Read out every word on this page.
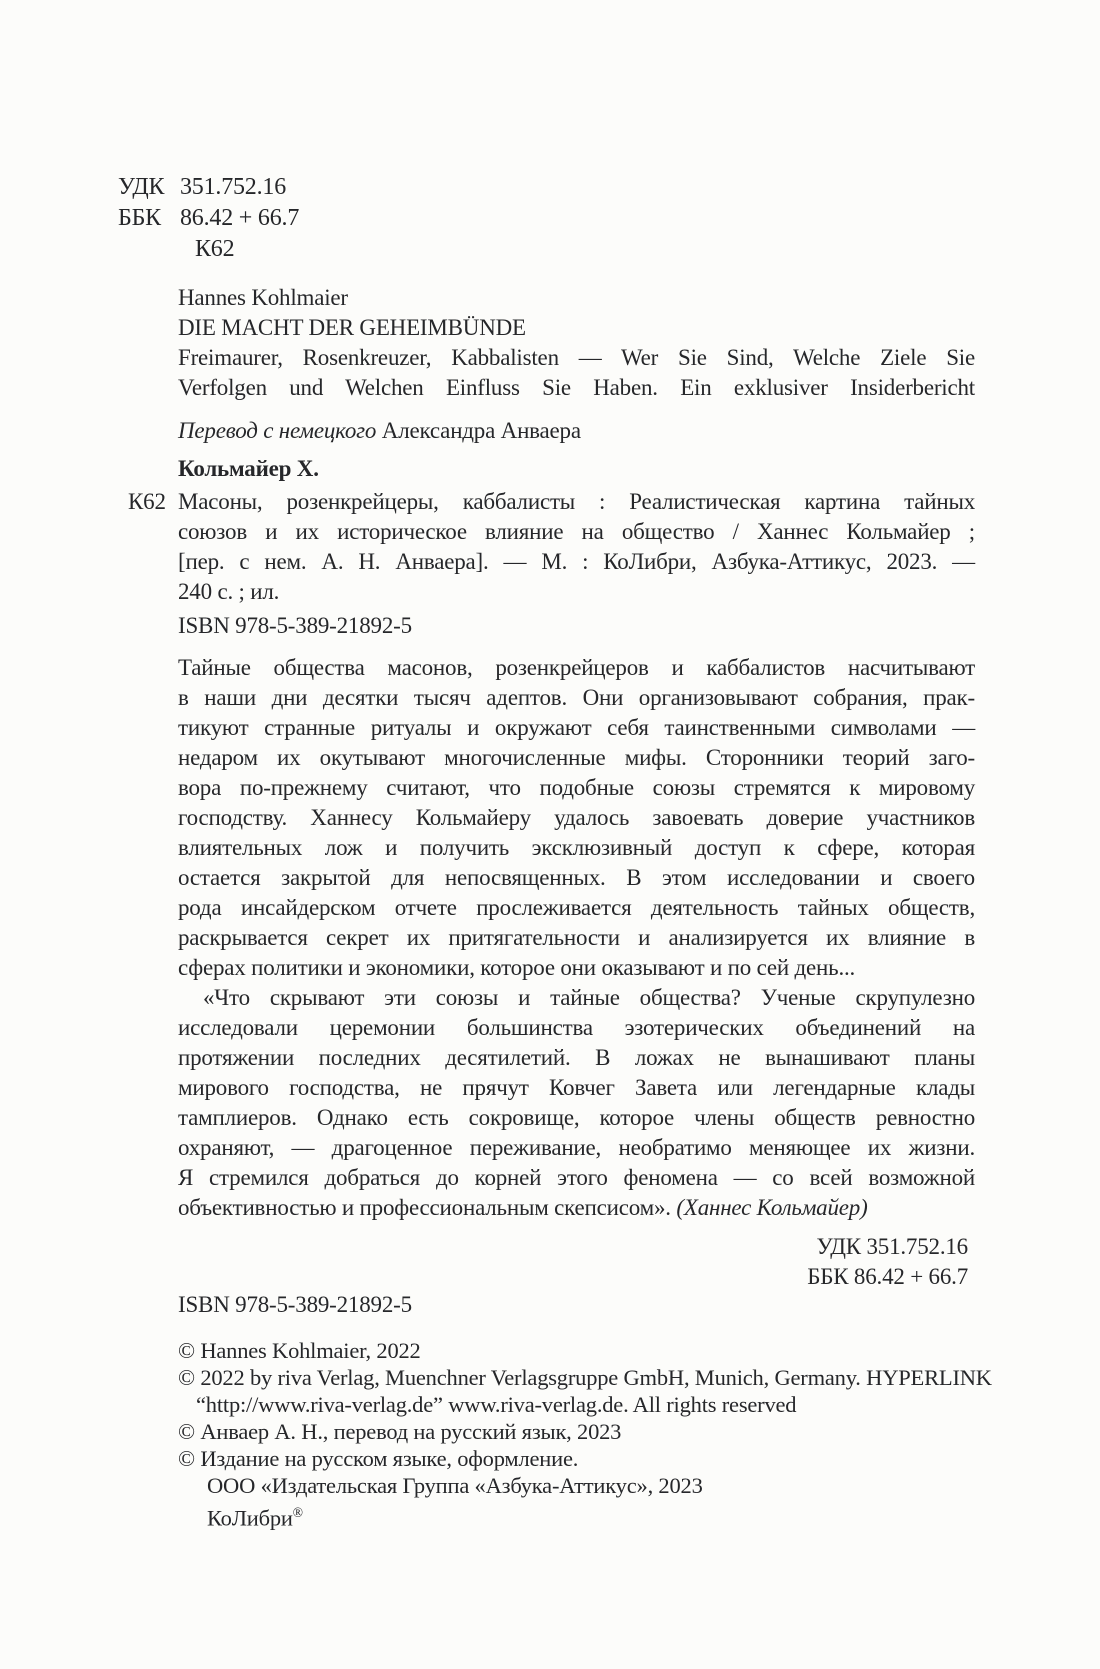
УДК 351.752.16
ББК 86.42 + 66.7
К62
Hannes Kohlmaier
DIE MACHT DER GEHEIMBÜNDE
Freimaurer, Rosenkreuzer, Kabbalisten — Wer Sie Sind, Welche Ziele Sie
Verfolgen und Welchen Einfluss Sie Haben. Ein exklusiver Insiderbericht
Перевод с немецкого Александра Анваера
Кольмайер Х.
К62 Масоны, розенкрейцеры, каббалисты : Реалистическая картина тайных
союзов и их историческое влияние на общество / Ханнес Кольмайер ;
[пер. с нем. А. Н. Анваера]. — М. : КоЛибри, Азбука-Аттикус, 2023. —
240 с. ; ил.
ISBN 978-5-389-21892-5
Тайные общества масонов, розенкрейцеров и каббалистов насчитывают
в наши дни десятки тысяч адептов. Они организовывают собрания, прак-
тикуют странные ритуалы и окружают себя таинственными символами —
недаром их окутывают многочисленные мифы. Сторонники теорий заго-
вора по-прежнему считают, что подобные союзы стремятся к мировому
господству. Ханнесу Кольмайеру удалось завоевать доверие участников
влиятельных лож и получить эксклюзивный доступ к сфере, которая
остается закрытой для непосвященных. В этом исследовании и своего
рода инсайдерском отчете прослеживается деятельность тайных обществ,
раскрывается секрет их притягательности и анализируется их влияние в
сферах политики и экономики, которое они оказывают и по сей день...
«Что скрывают эти союзы и тайные общества? Ученые скрупулезно
исследовали церемонии большинства эзотерических объединений на
протяжении последних десятилетий. В ложах не вынашивают планы
мирового господства, не прячут Ковчег Завета или легендарные клады
тамплиеров. Однако есть сокровище, которое члены обществ ревностно
охраняют, — драгоценное переживание, необратимо меняющее их жизни.
Я стремился добраться до корней этого феномена — со всей возможной
объективностью и профессиональным скепсисом». (Ханнес Кольмайер)
УДК 351.752.16
ББК 86.42 + 66.7
ISBN 978-5-389-21892-5
© Hannes Kohlmaier, 2022
© 2022 by riva Verlag, Muenchner Verlagsgruppe GmbH, Munich, Germany. HYPERLINK
“http://www.riva-verlag.de” www.riva-verlag.de. All rights reserved
© Анваер А. Н., перевод на русский язык, 2023
© Издание на русском языке, оформление.
ООО «Издательская Группа «Азбука-Аттикус», 2023
КоЛибри®
